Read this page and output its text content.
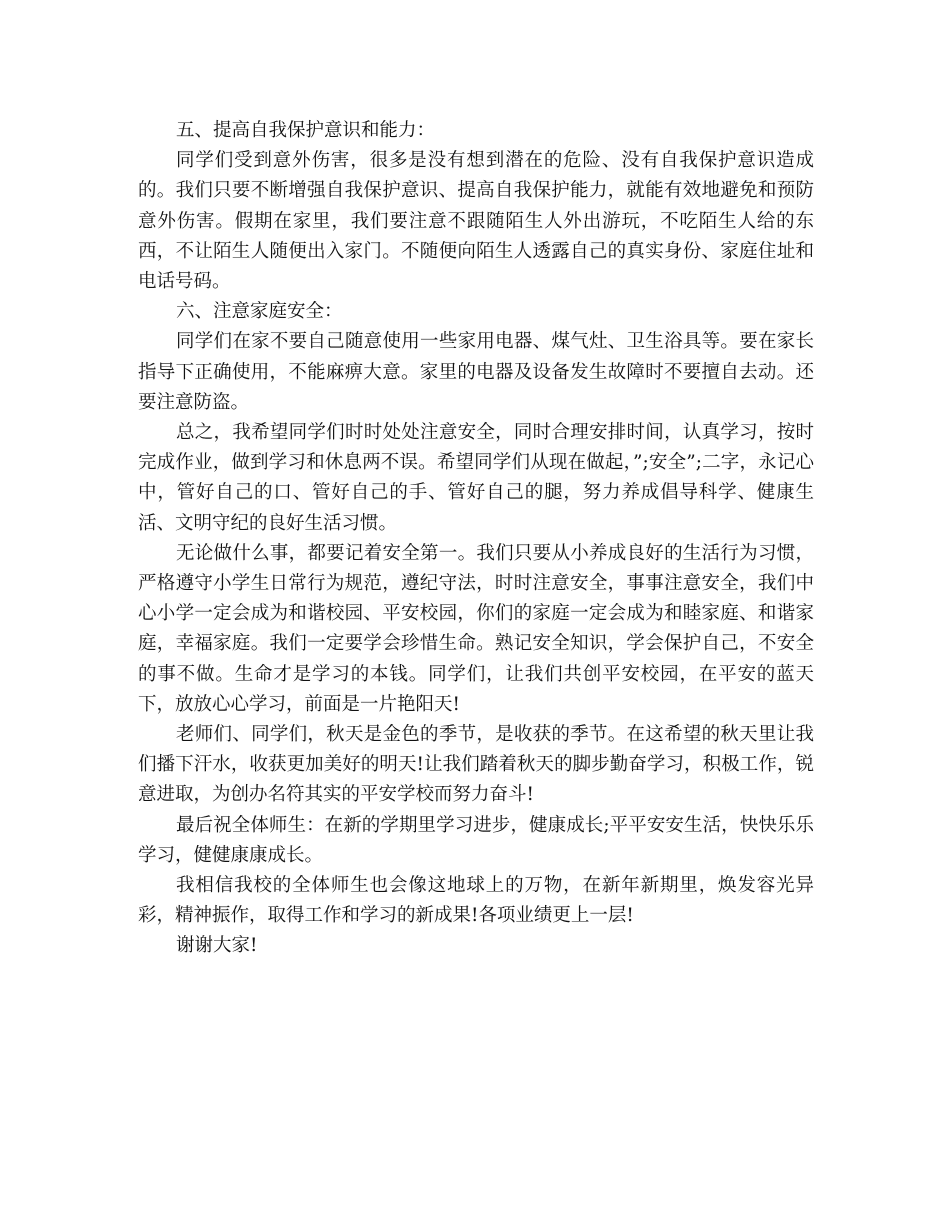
五、提高自我保护意识和能力：

同学们受到意外伤害，很多是没有想到潜在的危险、没有自我保护意识造成的。我们只要不断增强自我保护意识、提高自我保护能力，就能有效地避免和预防意外伤害。假期在家里，我们要注意不跟随陌生人外出游玩，不吃陌生人给的东西，不让陌生人随便出入家门。不随便向陌生人透露自己的真实身份、家庭住址和电话号码。

六、注意家庭安全：

同学们在家不要自己随意使用一些家用电器、煤气灶、卫生浴具等。要在家长指导下正确使用，不能麻痹大意。家里的电器及设备发生故障时不要擅自去动。还要注意防盗。

总之，我希望同学们时时处处注意安全，同时合理安排时间，认真学习，按时完成作业，做到学习和休息两不误。希望同学们从现在做起，”;安全”;二字，永记心中，管好自己的口、管好自己的手、管好自己的腿，努力养成倡导科学、健康生活、文明守纪的良好生活习惯。

无论做什么事，都要记着安全第一。我们只要从小养成良好的生活行为习惯，严格遵守小学生日常行为规范，遵纪守法，时时注意安全，事事注意安全，我们中心小学一定会成为和谐校园、平安校园，你们的家庭一定会成为和睦家庭、和谐家庭，幸福家庭。我们一定要学会珍惜生命。熟记安全知识，学会保护自己，不安全的事不做。生命才是学习的本钱。同学们，让我们共创平安校园，在平安的蓝天下，放放心心学习，前面是一片艳阳天!

老师们、同学们，秋天是金色的季节，是收获的季节。在这希望的秋天里让我们播下汗水，收获更加美好的明天!让我们踏着秋天的脚步勤奋学习，积极工作，锐意进取，为创办名符其实的平安学校而努力奋斗!

最后祝全体师生：在新的学期里学习进步，健康成长;平平安安生活，快快乐乐学习，健健康康成长。

我相信我校的全体师生也会像这地球上的万物，在新年新期里，焕发容光异彩，精神振作，取得工作和学习的新成果!各项业绩更上一层!

谢谢大家!
